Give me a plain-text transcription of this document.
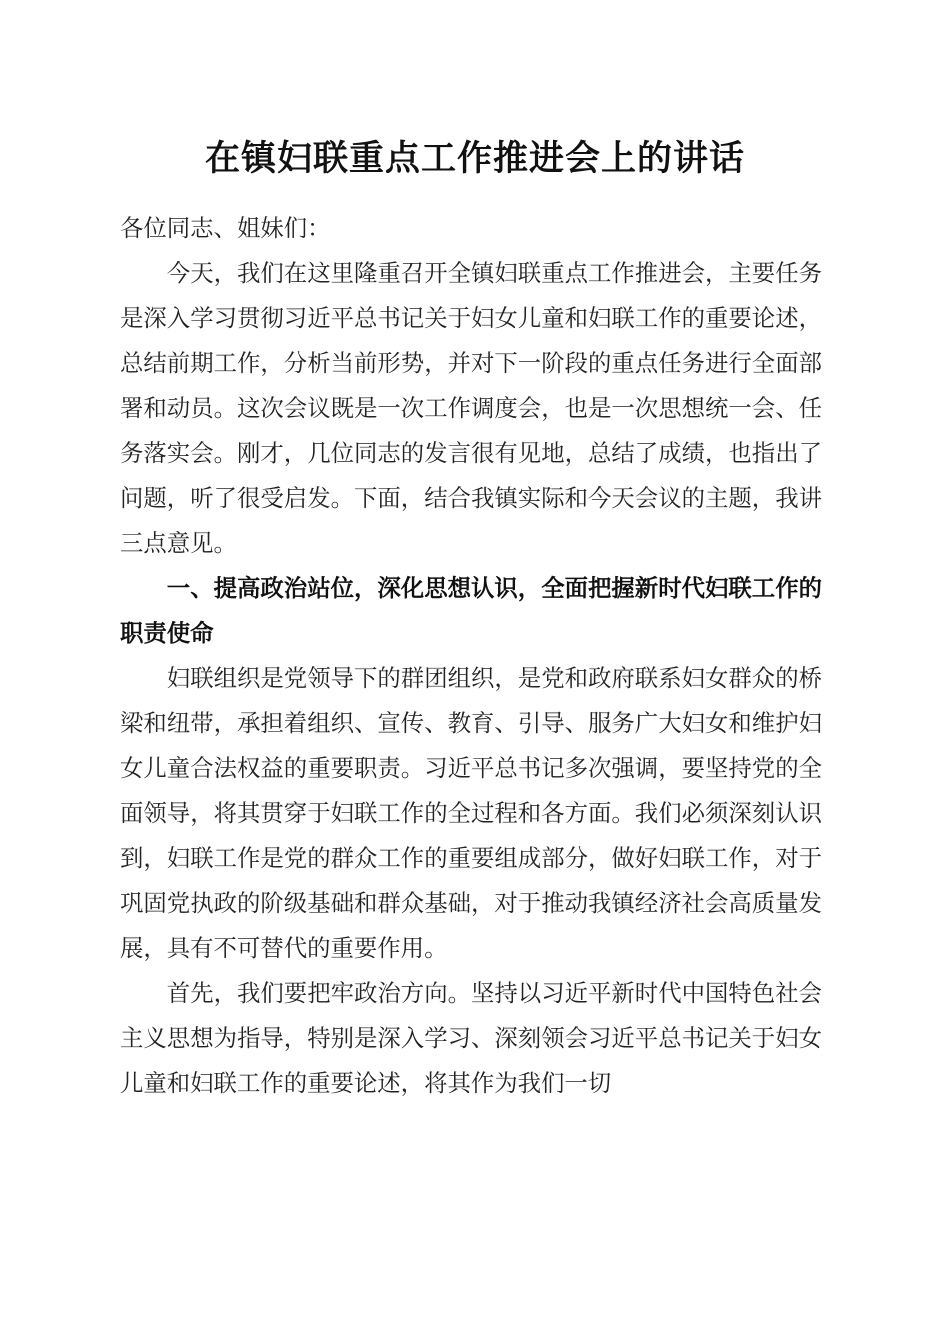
在镇妇联重点工作推进会上的讲话

各位同志、姐妹们：

今天，我们在这里隆重召开全镇妇联重点工作推进会，主要任务是深入学习贯彻习近平总书记关于妇女儿童和妇联工作的重要论述，总结前期工作，分析当前形势，并对下一阶段的重点任务进行全面部署和动员。这次会议既是一次工作调度会，也是一次思想统一会、任务落实会。刚才，几位同志的发言很有见地，总结了成绩，也指出了问题，听了很受启发。下面，结合我镇实际和今天会议的主题，我讲三点意见。

一、提高政治站位，深化思想认识，全面把握新时代妇联工作的职责使命

妇联组织是党领导下的群团组织，是党和政府联系妇女群众的桥梁和纽带，承担着组织、宣传、教育、引导、服务广大妇女和维护妇女儿童合法权益的重要职责。习近平总书记多次强调，要坚持党的全面领导，将其贯穿于妇联工作的全过程和各方面。我们必须深刻认识到，妇联工作是党的群众工作的重要组成部分，做好妇联工作，对于巩固党执政的阶级基础和群众基础，对于推动我镇经济社会高质量发展，具有不可替代的重要作用。

首先，我们要把牢政治方向。坚持以习近平新时代中国特色社会主义思想为指导，特别是深入学习、深刻领会习近平总书记关于妇女儿童和妇联工作的重要论述，将其作为我们一切
